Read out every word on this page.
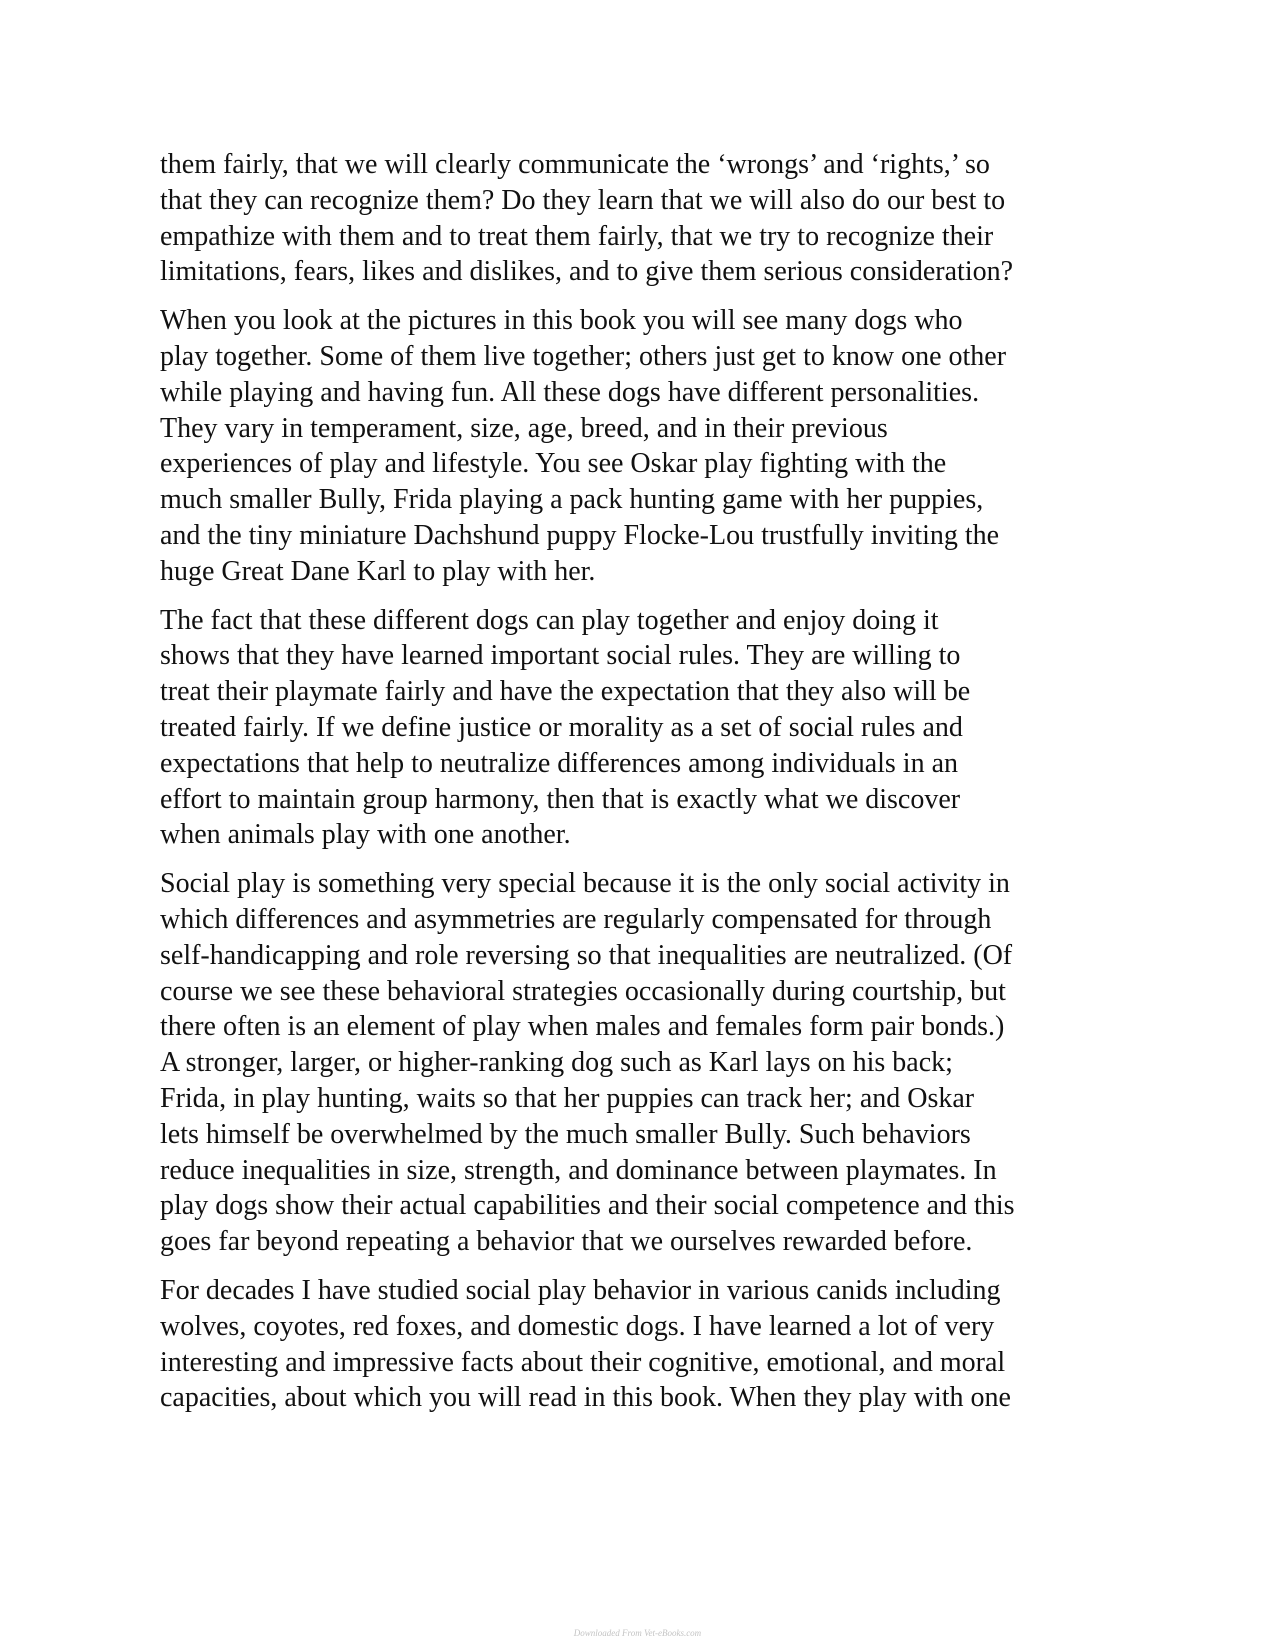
them fairly, that we will clearly communicate the ‘wrongs’ and ‘rights,’ so
that they can recognize them? Do they learn that we will also do our best to
empathize with them and to treat them fairly, that we try to recognize their
limitations, fears, likes and dislikes, and to give them serious consideration?

When you look at the pictures in this book you will see many dogs who
play together. Some of them live together; others just get to know one other
while playing and having fun. All these dogs have different personalities.
They vary in temperament, size, age, breed, and in their previous
experiences of play and lifestyle. You see Oskar play fighting with the
much smaller Bully, Frida playing a pack hunting game with her puppies,
and the tiny miniature Dachshund puppy Flocke-Lou trustfully inviting the
huge Great Dane Karl to play with her.

The fact that these different dogs can play together and enjoy doing it
shows that they have learned important social rules. They are willing to
treat their playmate fairly and have the expectation that they also will be
treated fairly. If we define justice or morality as a set of social rules and
expectations that help to neutralize differences among individuals in an
effort to maintain group harmony, then that is exactly what we discover
when animals play with one another.

Social play is something very special because it is the only social activity in
which differences and asymmetries are regularly compensated for through
self-handicapping and role reversing so that inequalities are neutralized. (Of
course we see these behavioral strategies occasionally during courtship, but
there often is an element of play when males and females form pair bonds.)
A stronger, larger, or higher-ranking dog such as Karl lays on his back;
Frida, in play hunting, waits so that her puppies can track her; and Oskar
lets himself be overwhelmed by the much smaller Bully. Such behaviors
reduce inequalities in size, strength, and dominance between playmates. In
play dogs show their actual capabilities and their social competence and this
goes far beyond repeating a behavior that we ourselves rewarded before.

For decades I have studied social play behavior in various canids including
wolves, coyotes, red foxes, and domestic dogs. I have learned a lot of very
interesting and impressive facts about their cognitive, emotional, and moral
capacities, about which you will read in this book. When they play with one

Downloaded From Vet-eBooks.com
